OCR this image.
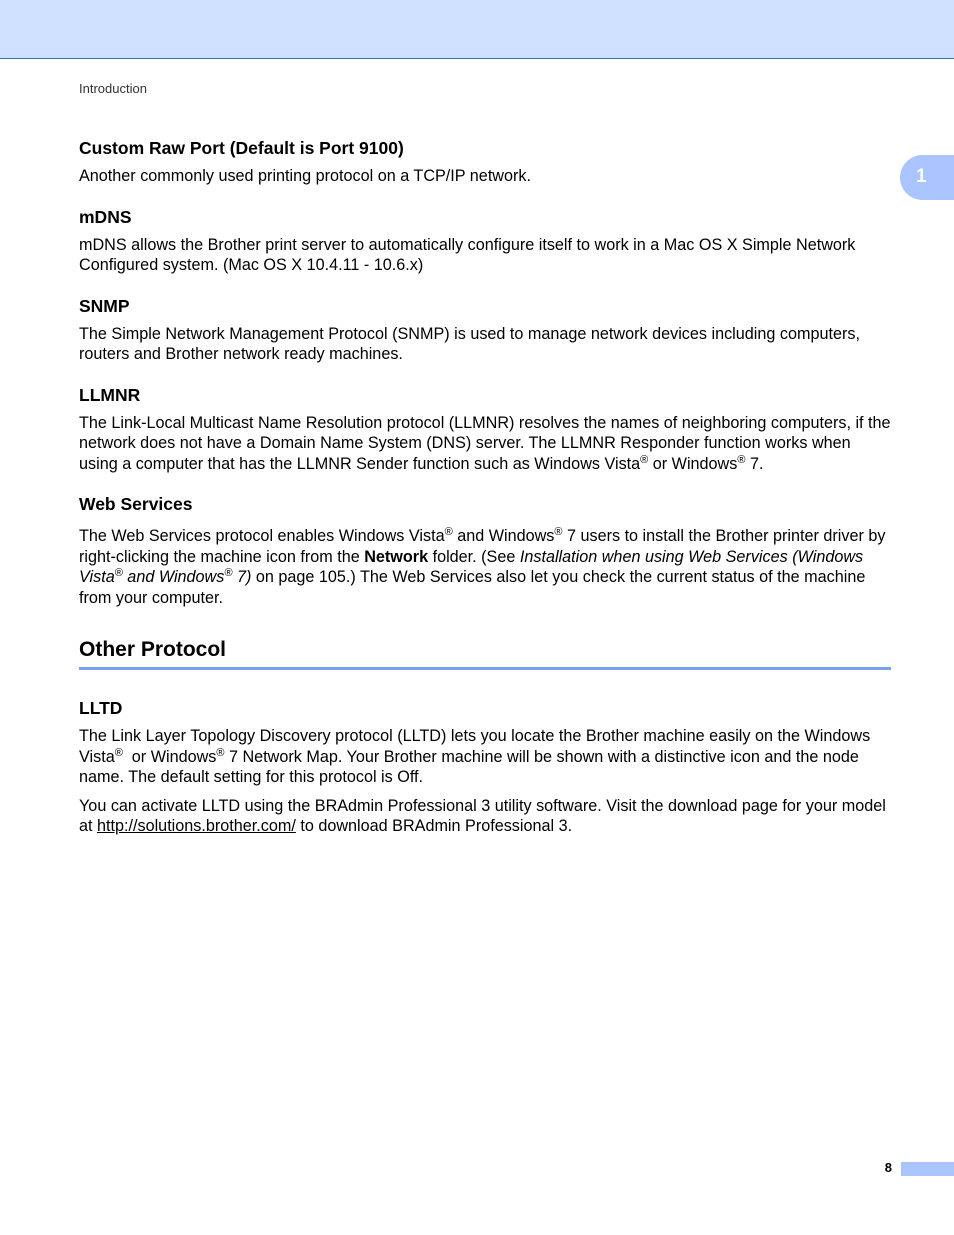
Introduction
1
Custom Raw Port (Default is Port 9100)

Another commonly used printing protocol on a TCP/IP network.

mDNS

mDNS allows the Brother print server to automatically configure itself to work in a Mac OS X Simple Network Configured system. (Mac OS X 10.4.11 - 10.6.x)

SNMP

The Simple Network Management Protocol (SNMP) is used to manage network devices including computers, routers and Brother network ready machines.

LLMNR

The Link-Local Multicast Name Resolution protocol (LLMNR) resolves the names of neighboring computers, if the network does not have a Domain Name System (DNS) server. The LLMNR Responder function works when using a computer that has the LLMNR Sender function such as Windows Vista® or Windows® 7.

Web Services

The Web Services protocol enables Windows Vista® and Windows® 7 users to install the Brother printer driver by right-clicking the machine icon from the Network folder. (See Installation when using Web Services (Windows Vista® and Windows® 7) on page 105.) The Web Services also let you check the current status of the machine from your computer.

Other Protocol
LLTD

The Link Layer Topology Discovery protocol (LLTD) lets you locate the Brother machine easily on the Windows Vista®  or Windows® 7 Network Map. Your Brother machine will be shown with a distinctive icon and the node name. The default setting for this protocol is Off.

You can activate LLTD using the BRAdmin Professional 3 utility software. Visit the download page for your model at http://solutions.brother.com/ to download BRAdmin Professional 3.

8
